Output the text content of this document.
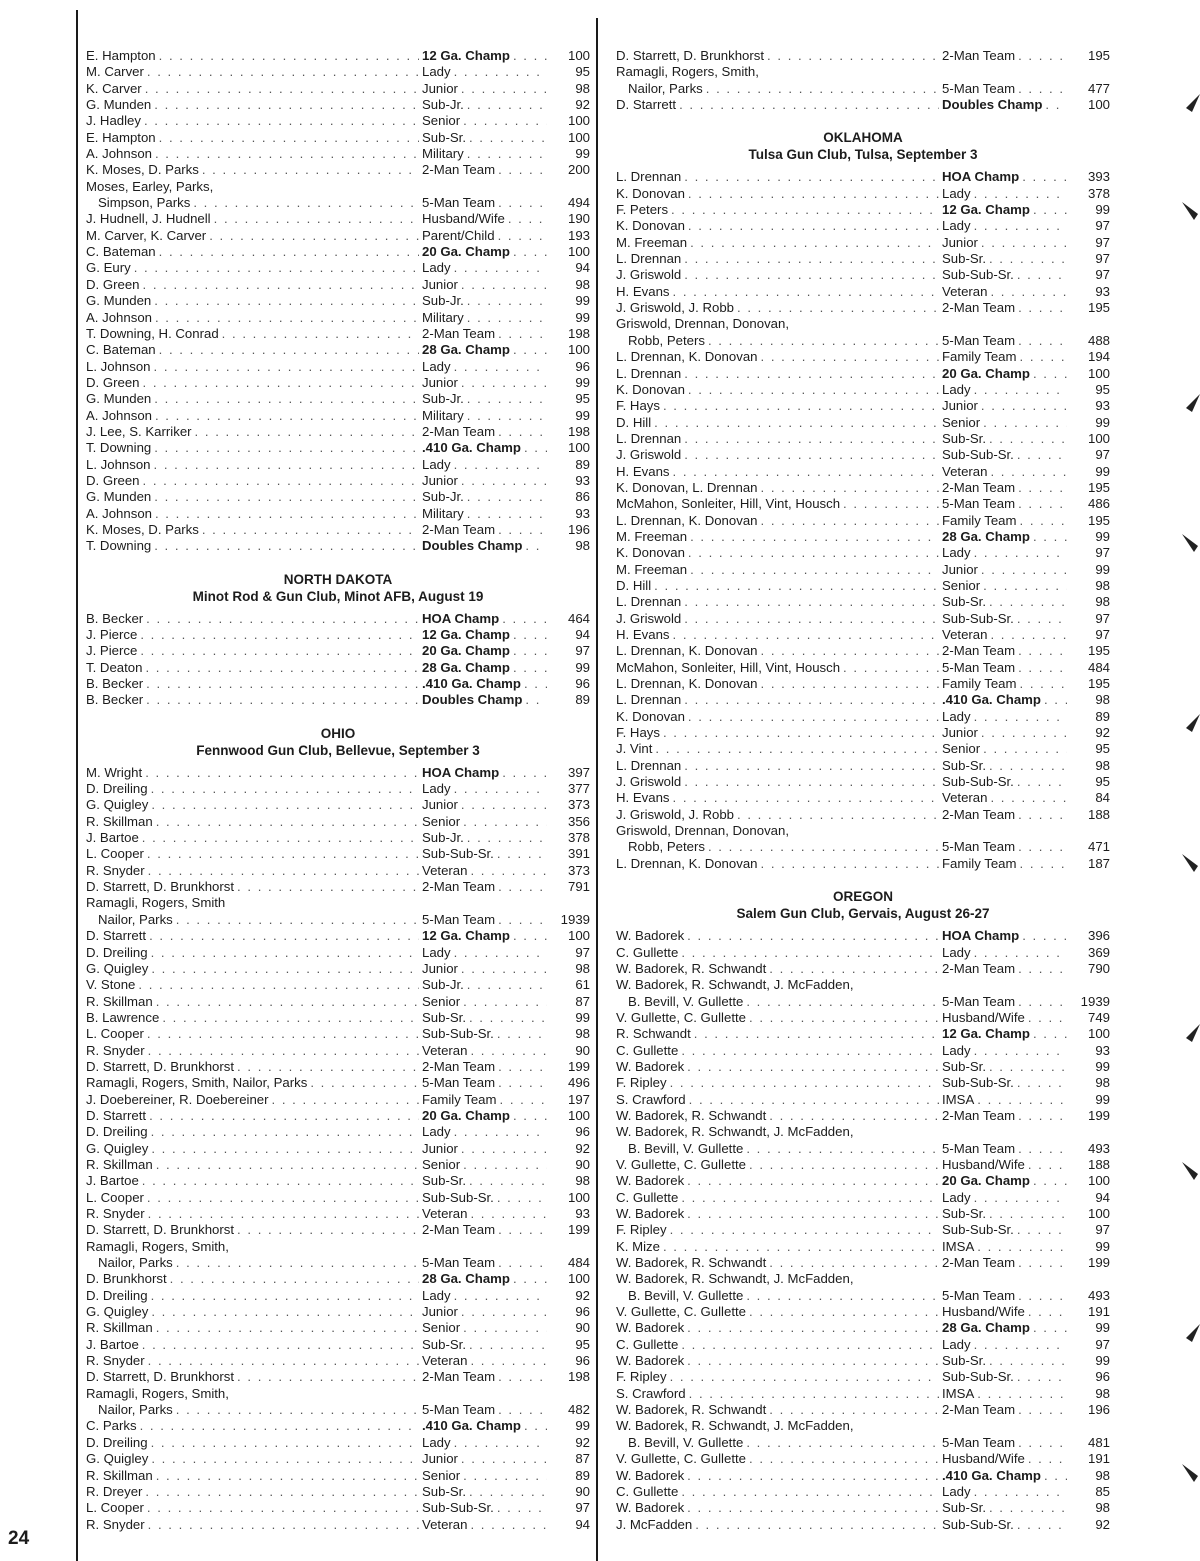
E. Hampton . . .	12 Ga. Champ . . .	100
M. Carver . . .	Lady . . .	95
K. Carver . . .	Junior . . .	98
G. Munden . . .	Sub-Jr. . . .	92
J. Hadley . . .	Senior . . .	100
E. Hampton . . .	Sub-Sr. . . .	100
A. Johnson . . .	Military . . .	99
K. Moses, D. Parks . . .	2-Man Team . . .	200
Moses, Earley, Parks,
Simpson, Parks . . .	5-Man Team . . .	494
J. Hudnell, J. Hudnell . . .	Husband/Wife . . .	190
M. Carver, K. Carver . . .	Parent/Child . . .	193
C. Bateman . . .	20 Ga. Champ . . .	100
G. Eury . . .	Lady . . .	94
D. Green . . .	Junior . . .	98
G. Munden . . .	Sub-Jr. . . .	99
A. Johnson . . .	Military . . .	99
T. Downing, H. Conrad . . .	2-Man Team . . .	198
C. Bateman . . .	28 Ga. Champ . . .	100
L. Johnson . . .	Lady . . .	96
D. Green . . .	Junior . . .	99
G. Munden . . .	Sub-Jr. . . .	95
A. Johnson . . .	Military . . .	99
J. Lee, S. Karriker . . .	2-Man Team . . .	198
T. Downing . . .	.410 Ga. Champ . . .	100
L. Johnson . . .	Lady . . .	89
D. Green . . .	Junior . . .	93
G. Munden . . .	Sub-Jr. . . .	86
A. Johnson . . .	Military . . .	93
K. Moses, D. Parks . . .	2-Man Team . . .	196
T. Downing . . .	Doubles Champ . . .	98
NORTH DAKOTA
Minot Rod & Gun Club, Minot AFB, August 19
B. Becker . . .	HOA Champ . . .	464
J. Pierce . . .	12 Ga. Champ . . .	94
J. Pierce . . .	20 Ga. Champ . . .	97
T. Deaton . . .	28 Ga. Champ . . .	99
B. Becker . . .	.410 Ga. Champ . . .	96
B. Becker . . .	Doubles Champ . . .	89
OHIO
Fennwood Gun Club, Bellevue, September 3
M. Wright . . .	HOA Champ . . .	397
D. Dreiling . . .	Lady . . .	377
G. Quigley . . .	Junior . . .	373
R. Skillman . . .	Senior . . .	356
J. Bartoe . . .	Sub-Jr. . . .	378
L. Cooper . . .	Sub-Sub-Sr. . . .	391
R. Snyder . . .	Veteran . . .	373
D. Starrett, D. Brunkhorst . . .	2-Man Team . . .	791
Ramagli, Rogers, Smith
Nailor, Parks . . .	5-Man Team . . .	1939
D. Starrett . . .	12 Ga. Champ . . .	100
D. Dreiling . . .	Lady . . .	97
G. Quigley . . .	Junior . . .	98
V. Stone . . .	Sub-Jr. . . .	61
R. Skillman . . .	Senior . . .	87
B. Lawrence . . .	Sub-Sr. . . .	99
L. Cooper . . .	Sub-Sub-Sr. . . .	98
R. Snyder . . .	Veteran . . .	90
D. Starrett, D. Brunkhorst . . .	2-Man Team . . .	199
Ramagli, Rogers, Smith, Nailor, Parks . . .	5-Man Team . . .	496
J. Doebereiner, R. Doebereiner . . .	Family Team . . .	197
D. Starrett . . .	20 Ga. Champ . . .	100
D. Dreiling . . .	Lady . . .	96
G. Quigley . . .	Junior . . .	92
R. Skillman . . .	Senior . . .	90
J. Bartoe . . .	Sub-Sr. . . .	98
L. Cooper . . .	Sub-Sub-Sr. . . .	100
R. Snyder . . .	Veteran . . .	93
D. Starrett, D. Brunkhorst . . .	2-Man Team . . .	199
Ramagli, Rogers, Smith,
Nailor, Parks . . .	5-Man Team . . .	484
D. Brunkhorst . . .	28 Ga. Champ . . .	100
D. Dreiling . . .	Lady . . .	92
G. Quigley . . .	Junior . . .	96
R. Skillman . . .	Senior . . .	90
J. Bartoe . . .	Sub-Sr. . . .	95
R. Snyder . . .	Veteran . . .	96
D. Starrett, D. Brunkhorst . . .	2-Man Team . . .	198
Ramagli, Rogers, Smith,
Nailor, Parks . . .	5-Man Team . . .	482
C. Parks . . .	.410 Ga. Champ . . .	99
D. Dreiling . . .	Lady . . .	92
G. Quigley . . .	Junior . . .	87
R. Skillman . . .	Senior . . .	89
R. Dreyer . . .	Sub-Sr. . . .	90
L. Cooper . . .	Sub-Sub-Sr. . . .	97
R. Snyder . . .	Veteran . . .	94
D. Starrett, D. Brunkhorst . . .	2-Man Team . . .	195
Ramagli, Rogers, Smith,
Nailor, Parks . . .	5-Man Team . . .	477
D. Starrett . . .	Doubles Champ . . .	100
OKLAHOMA
Tulsa Gun Club, Tulsa, September 3
L. Drennan . . .	HOA Champ . . .	393
K. Donovan . . .	Lady . . .	378
F. Peters . . .	12 Ga. Champ . . .	99
K. Donovan . . .	Lady . . .	97
M. Freeman . . .	Junior . . .	97
L. Drennan . . .	Sub-Sr. . . .	97
J. Griswold . . .	Sub-Sub-Sr. . . .	97
H. Evans . . .	Veteran . . .	93
J. Griswold, J. Robb . . .	2-Man Team . . .	195
Griswold, Drennan, Donovan,
Robb, Peters . . .	5-Man Team . . .	488
L. Drennan, K. Donovan . . .	Family Team . . .	194
L. Drennan . . .	20 Ga. Champ . . .	100
K. Donovan . . .	Lady . . .	95
F. Hays . . .	Junior . . .	93
D. Hill . . .	Senior . . .	99
L. Drennan . . .	Sub-Sr. . . .	100
J. Griswold . . .	Sub-Sub-Sr. . . .	97
H. Evans . . .	Veteran . . .	99
K. Donovan, L. Drennan . . .	2-Man Team . . .	195
McMahon, Sonleiter, Hill, Vint, Housch . . .	5-Man Team . . .	486
L. Drennan, K. Donovan . . .	Family Team . . .	195
M. Freeman . . .	28 Ga. Champ . . .	99
K. Donovan . . .	Lady . . .	97
M. Freeman . . .	Junior . . .	99
D. Hill . . .	Senior . . .	98
L. Drennan . . .	Sub-Sr. . . .	98
J. Griswold . . .	Sub-Sub-Sr. . . .	97
H. Evans . . .	Veteran . . .	97
L. Drennan, K. Donovan . . .	2-Man Team . . .	195
McMahon, Sonleiter, Hill, Vint, Housch . . .	5-Man Team . . .	484
L. Drennan, K. Donovan . . .	Family Team . . .	195
L. Drennan . . .	.410 Ga. Champ . . .	98
K. Donovan . . .	Lady . . .	89
F. Hays . . .	Junior . . .	92
J. Vint . . .	Senior . . .	95
L. Drennan . . .	Sub-Sr. . . .	98
J. Griswold . . .	Sub-Sub-Sr. . . .	95
H. Evans . . .	Veteran . . .	84
J. Griswold, J. Robb . . .	2-Man Team . . .	188
Griswold, Drennan, Donovan,
Robb, Peters . . .	5-Man Team . . .	471
L. Drennan, K. Donovan . . .	Family Team . . .	187
OREGON
Salem Gun Club, Gervais, August 26-27
W. Badorek . . .	HOA Champ . . .	396
C. Gullette . . .	Lady . . .	369
W. Badorek, R. Schwandt . . .	2-Man Team . . .	790
W. Badorek, R. Schwandt, J. McFadden,
B. Bevill, V. Gullette . . .	5-Man Team . . .	1939
V. Gullette, C. Gullette . . .	Husband/Wife . . .	749
R. Schwandt . . .	12 Ga. Champ . . .	100
C. Gullette . . .	Lady . . .	93
W. Badorek . . .	Sub-Sr. . . .	99
F. Ripley . . .	Sub-Sub-Sr. . . .	98
S. Crawford . . .	IMSA . . .	99
W. Badorek, R. Schwandt . . .	2-Man Team . . .	199
W. Badorek, R. Schwandt, J. McFadden,
B. Bevill, V. Gullette . . .	5-Man Team . . .	493
V. Gullette, C. Gullette . . .	Husband/Wife . . .	188
W. Badorek . . .	20 Ga. Champ . . .	100
C. Gullette . . .	Lady . . .	94
W. Badorek . . .	Sub-Sr. . . .	100
F. Ripley . . .	Sub-Sub-Sr. . . .	97
K. Mize . . .	IMSA . . .	99
W. Badorek, R. Schwandt . . .	2-Man Team . . .	199
W. Badorek, R. Schwandt, J. McFadden,
B. Bevill, V. Gullette . . .	5-Man Team . . .	493
V. Gullette, C. Gullette . . .	Husband/Wife . . .	191
W. Badorek . . .	28 Ga. Champ . . .	99
C. Gullette . . .	Lady . . .	97
W. Badorek . . .	Sub-Sr. . . .	99
F. Ripley . . .	Sub-Sub-Sr. . . .	96
S. Crawford . . .	IMSA . . .	98
W. Badorek, R. Schwandt . . .	2-Man Team . . .	196
W. Badorek, R. Schwandt, J. McFadden,
B. Bevill, V. Gullette . . .	5-Man Team . . .	481
V. Gullette, C. Gullette . . .	Husband/Wife . . .	191
W. Badorek . . .	.410 Ga. Champ . . .	98
C. Gullette . . .	Lady . . .	85
W. Badorek . . .	Sub-Sr. . . .	98
J. McFadden . . .	Sub-Sub-Sr. . . .	92
24
